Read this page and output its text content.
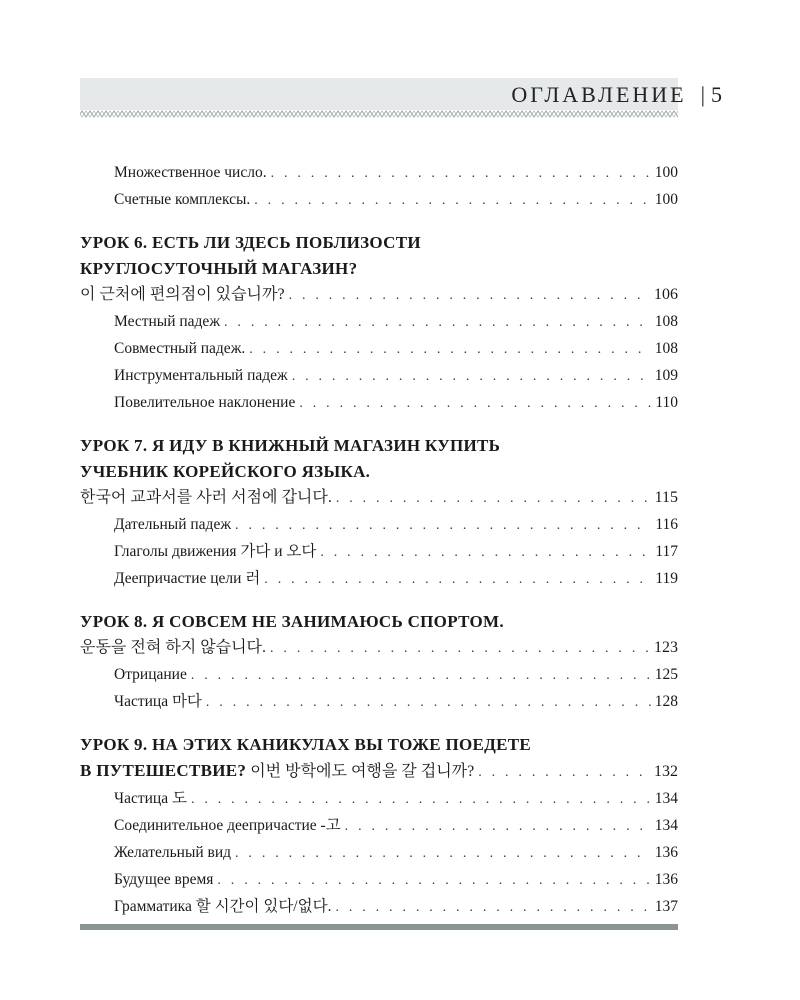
ОГЛАВЛЕНИЕ | 5
Множественное число. . . .	100
Счетные комплексы. . . .	100

УРОК 6. ЕСТЬ ЛИ ЗДЕСЬ ПОБЛИЗОСТИ

КРУГЛОСУТОЧНЫЙ МАГАЗИН?

이 근처에 편의점이 있습니까? . . .	106
Местный падеж . . .	108
Совместный падеж. . . .	108
Инструментальный падеж . . .	109
Повелительное наклонение . . .	110

УРОК 7. Я ИДУ В КНИЖНЫЙ МАГАЗИН КУПИТЬ

УЧЕБНИК КОРЕЙСКОГО ЯЗЫКА.

한국어 교과서를 사러 서점에 갑니다. . . .	115
Дательный падеж . . .	116
Глаголы движения 가다 и 오다 . . .	117
Деепричастие цели 러 . . .	119

УРОК 8. Я СОВСЕМ НЕ ЗАНИМАЮСЬ СПОРТОМ.

운동을 전혀 하지 않습니다. . . .	123
Отрицание . . .	125
Частица 마다 . . .	128

УРОК 9. НА ЭТИХ КАНИКУЛАХ ВЫ ТОЖЕ ПОЕДЕТЕ

В ПУТЕШЕСТВИЕ? 이번 방학에도 여행을 갈 겁니까? . . .	132
Частица 도 . . .	134
Соединительное деепричастие -고 . . .	134
Желательный вид . . .	136
Будущее время . . .	136
Грамматика 할 시간이 있다/없다. . . .	137
